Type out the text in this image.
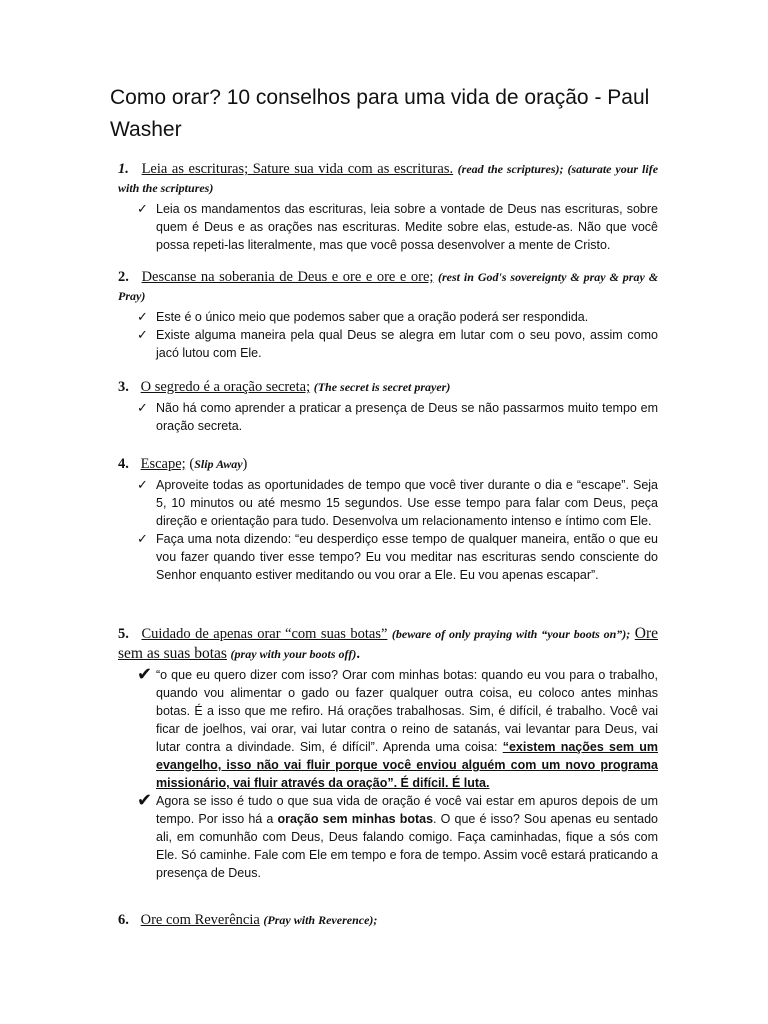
Como orar? 10 conselhos para uma vida de oração - Paul Washer

1. Leia as escrituras; Sature sua vida com as escrituras. (read the scriptures); (saturate your life with the scriptures)

✓ Leia os mandamentos das escrituras, leia sobre a vontade de Deus nas escrituras, sobre quem é Deus e as orações nas escrituras. Medite sobre elas, estude-as. Não que você possa repeti-las literalmente, mas que você possa desenvolver a mente de Cristo.

2. Descanse na soberania de Deus e ore e ore e ore; (rest in God's sovereignty & pray & pray & Pray)

✓ Este é o único meio que podemos saber que a oração poderá ser respondida.
✓ Existe alguma maneira pela qual Deus se alegra em lutar com o seu povo, assim como jacó lutou com Ele.

3. O segredo é a oração secreta; (The secret is secret prayer)

✓ Não há como aprender a praticar a presença de Deus se não passarmos muito tempo em oração secreta.

4. Escape; (Slip Away)

✓ Aproveite todas as oportunidades de tempo que você tiver durante o dia e “escape”. Seja 5, 10 minutos ou até mesmo 15 segundos. Use esse tempo para falar com Deus, peça direção e orientação para tudo. Desenvolva um relacionamento intenso e íntimo com Ele.
✓ Faça uma nota dizendo: “eu desperdiço esse tempo de qualquer maneira, então o que eu vou fazer quando tiver esse tempo? Eu vou meditar nas escrituras sendo consciente do Senhor enquanto estiver meditando ou vou orar a Ele. Eu vou apenas escapar”.

5. Cuidado de apenas orar “com suas botas” (beware of only praying with “your boots on”); Ore sem as suas botas (pray with your boots off).

✔ “o que eu quero dizer com isso? Orar com minhas botas: quando eu vou para o trabalho, quando vou alimentar o gado ou fazer qualquer outra coisa, eu coloco antes minhas botas. É a isso que me refiro. Há orações trabalhosas. Sim, é difícil, é trabalho. Você vai ficar de joelhos, vai orar, vai lutar contra o reino de satanás, vai levantar para Deus, vai lutar contra a divindade. Sim, é difícil”. Aprenda uma coisa: “existem nações sem um evangelho, isso não vai fluir porque você enviou alguém com um novo programa missionário, vai fluir através da oração”. É difícil. É luta.
✔ Agora se isso é tudo o que sua vida de oração é você vai estar em apuros depois de um tempo. Por isso há a oração sem minhas botas. O que é isso? Sou apenas eu sentado ali, em comunhão com Deus, Deus falando comigo. Faça caminhadas, fique a sós com Ele. Só caminhe. Fale com Ele em tempo e fora de tempo. Assim você estará praticando a presença de Deus.

6. Ore com Reverência (Pray with Reverence);
